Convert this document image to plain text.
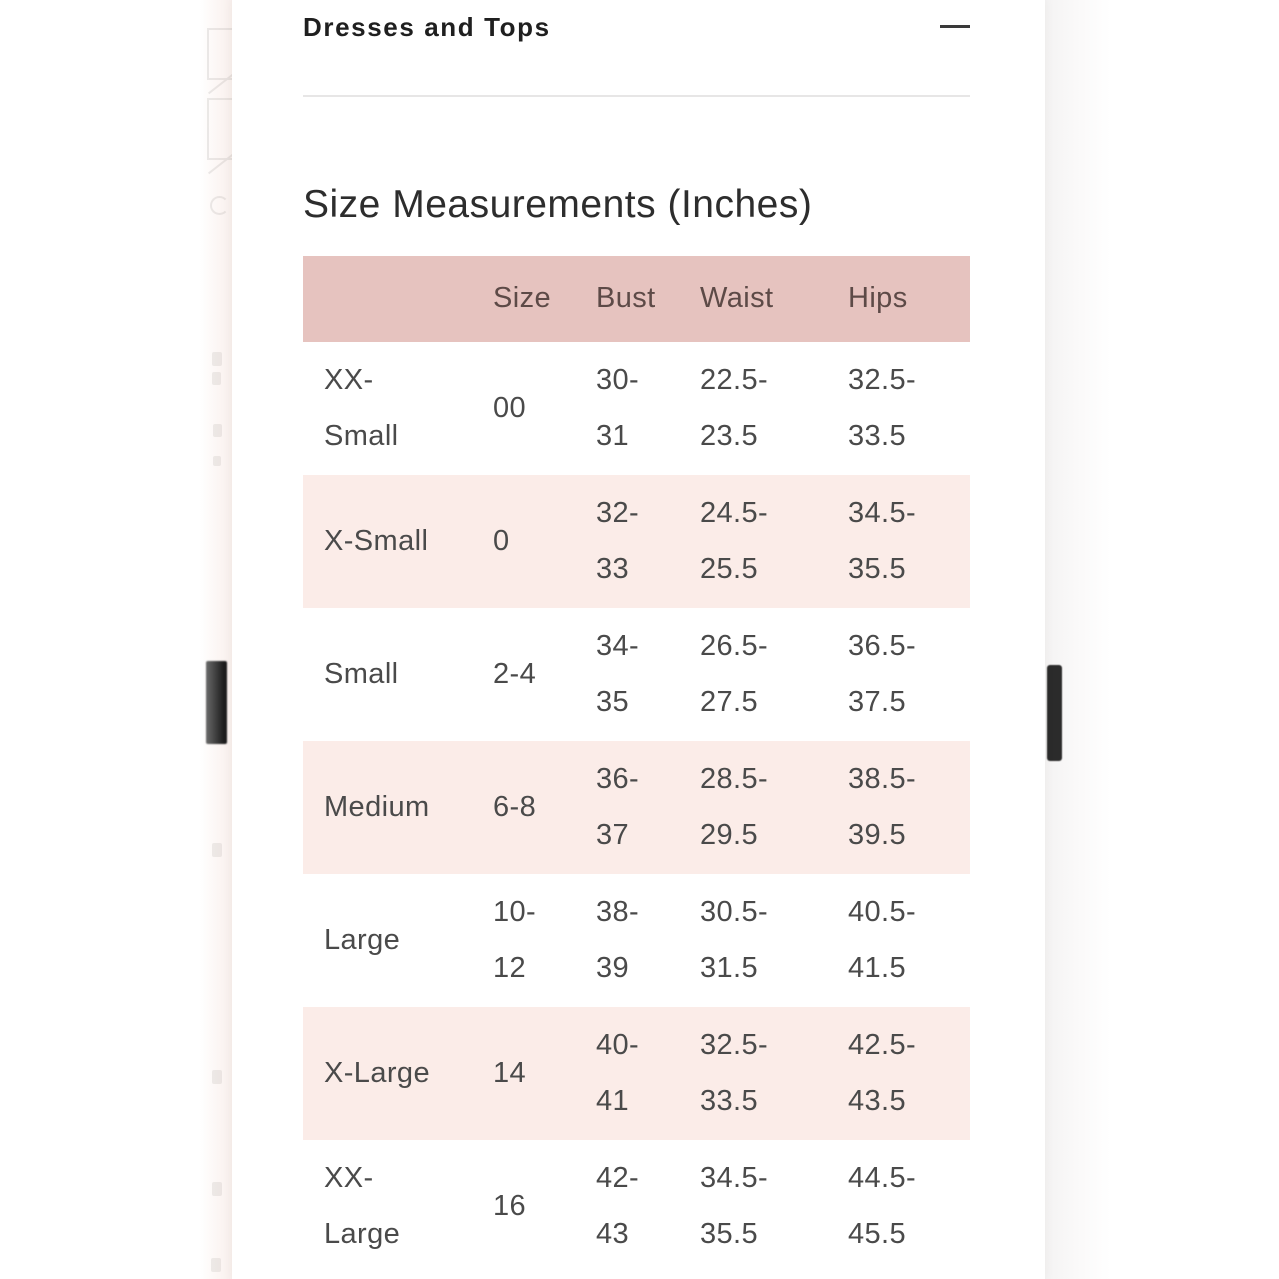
Dresses and Tops
Size Measurements (Inches)
	Size	Bust	Waist	Hips
XX-Small	00	30-31	22.5-23.5	32.5-33.5
X-Small	0	32-33	24.5-25.5	34.5-35.5
Small	2-4	34-35	26.5-27.5	36.5-37.5
Medium	6-8	36-37	28.5-29.5	38.5-39.5
Large	10-12	38-39	30.5-31.5	40.5-41.5
X-Large	14	40-41	32.5-33.5	42.5-43.5
XX-Large	16	42-43	34.5-35.5	44.5-45.5
